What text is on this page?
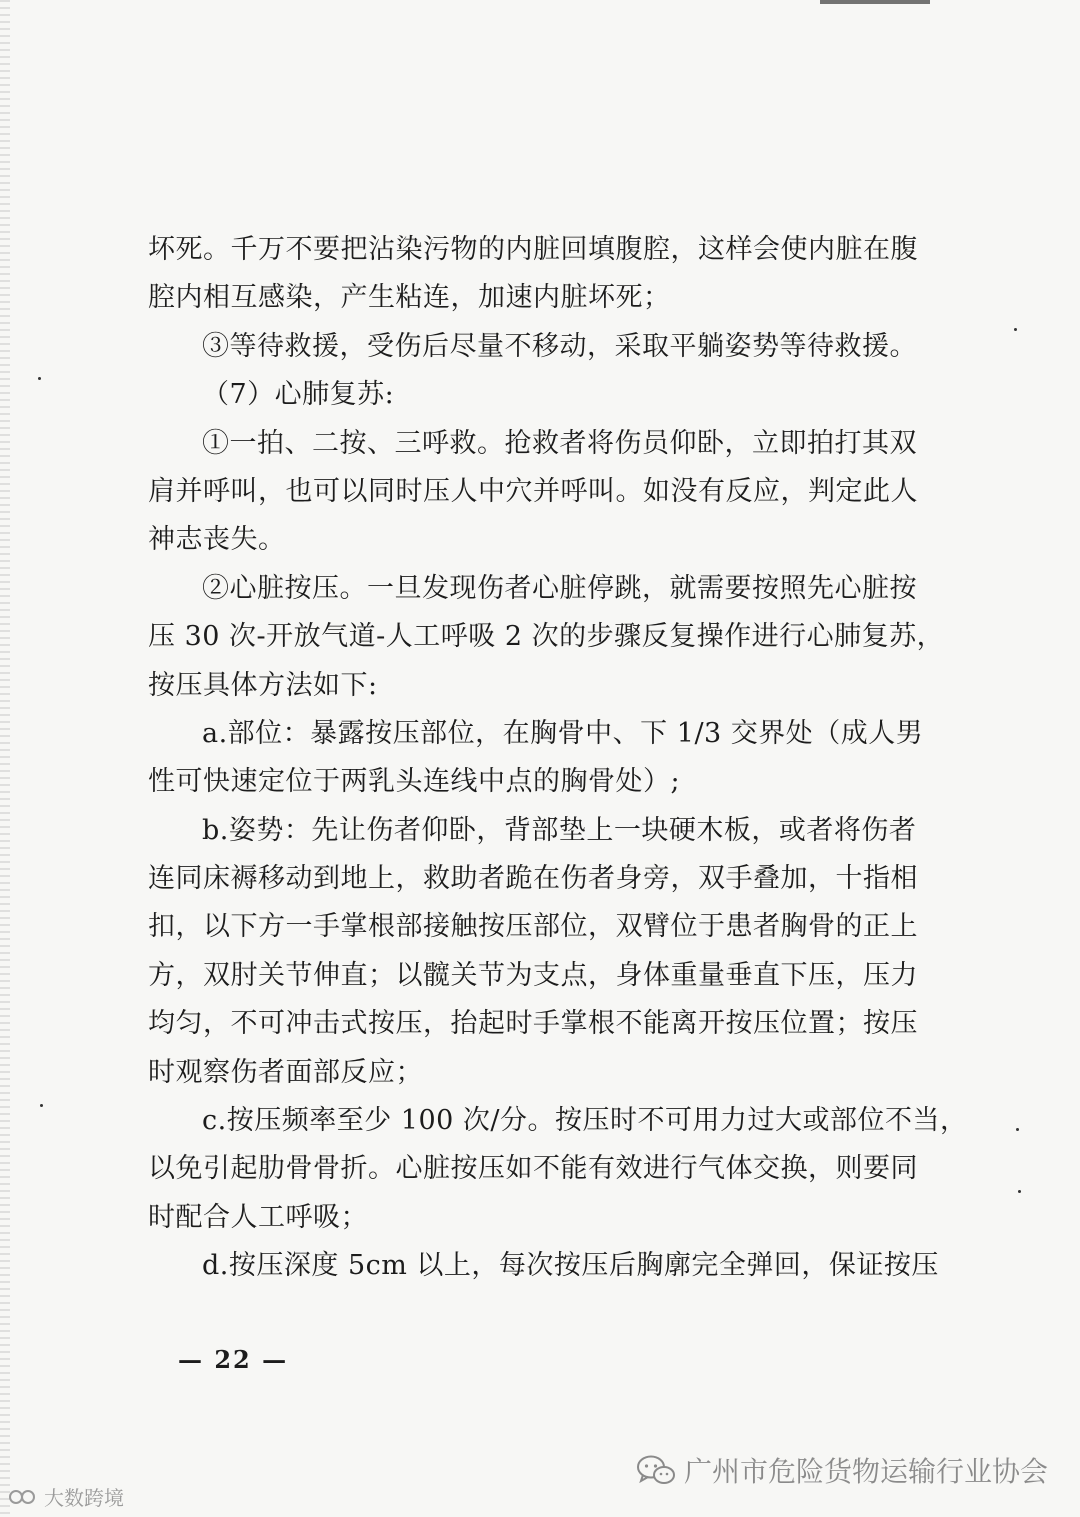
坏死。千万不要把沾染污物的内脏回填腹腔，这样会使内脏在腹
腔内相互感染，产生粘连，加速内脏坏死；
③等待救援，受伤后尽量不移动，采取平躺姿势等待救援。
（7）心肺复苏:
①一拍、二按、三呼救。抢救者将伤员仰卧，立即拍打其双
肩并呼叫，也可以同时压人中穴并呼叫。如没有反应，判定此人
神志丧失。
②心脏按压。一旦发现伤者心脏停跳，就需要按照先心脏按
压 30 次-开放气道-人工呼吸 2 次的步骤反复操作进行心肺复苏，
按压具体方法如下:
a.部位：暴露按压部位，在胸骨中、下 1/3 交界处（成人男
性可快速定位于两乳头连线中点的胸骨处）;
b.姿势：先让伤者仰卧，背部垫上一块硬木板，或者将伤者
连同床褥移动到地上，救助者跪在伤者身旁，双手叠加，十指相
扣，以下方一手掌根部接触按压部位，双臂位于患者胸骨的正上
方，双肘关节伸直；以髋关节为支点，身体重量垂直下压，压力
均匀，不可冲击式按压，抬起时手掌根不能离开按压位置；按压
时观察伤者面部反应；
c.按压频率至少 100 次/分。按压时不可用力过大或部位不当，
以免引起肋骨骨折。心脏按压如不能有效进行气体交换，则要同
时配合人工呼吸；
d.按压深度 5cm 以上，每次按压后胸廓完全弹回，保证按压
— 22 —
广州市危险货物运输行业协会
大数跨境
